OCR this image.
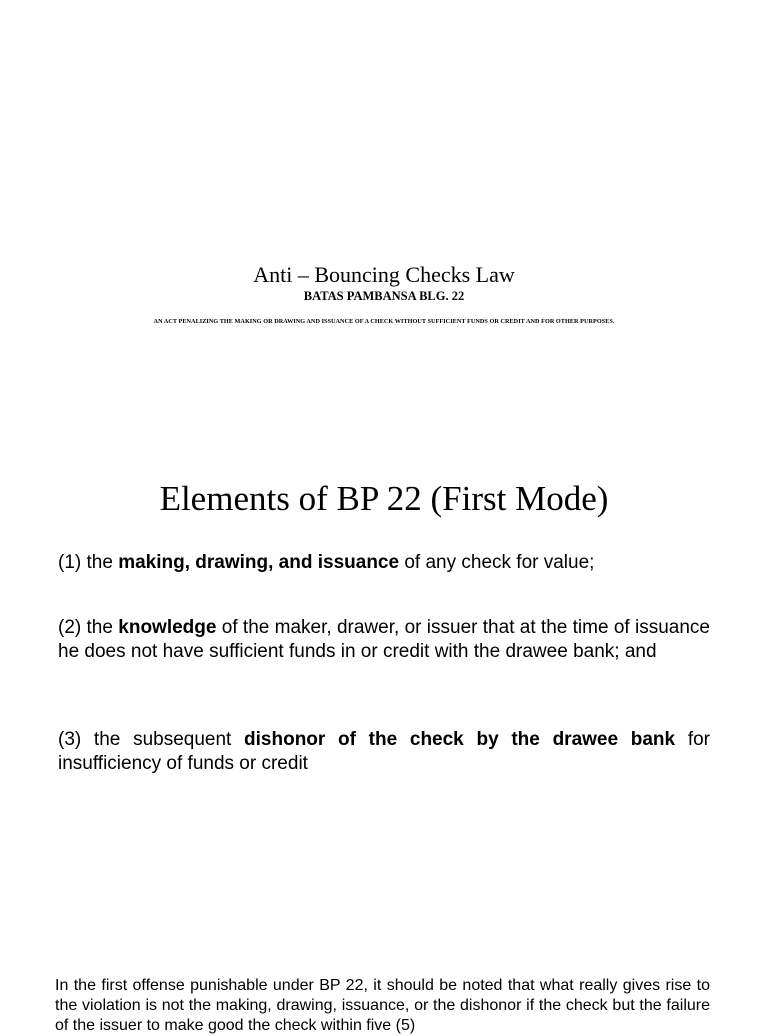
Anti – Bouncing Checks Law
BATAS PAMBANSA BLG. 22
AN ACT PENALIZING THE MAKING OR DRAWING AND ISSUANCE OF A CHECK WITHOUT SUFFICIENT FUNDS OR CREDIT AND FOR OTHER PURPOSES.
Elements of BP 22 (First Mode)
(1) the making, drawing, and issuance of any check for value;
(2) the knowledge of the maker, drawer, or issuer that at the time of issuance he does not have sufficient funds in or credit with the drawee bank; and
(3) the subsequent dishonor of the check by the drawee bank for insufficiency of funds or credit
In the first offense punishable under BP 22, it should be noted that what really gives rise to the violation is not the making, drawing, issuance, or the dishonor if the check but the failure of the issuer to make good the check within five (5)
